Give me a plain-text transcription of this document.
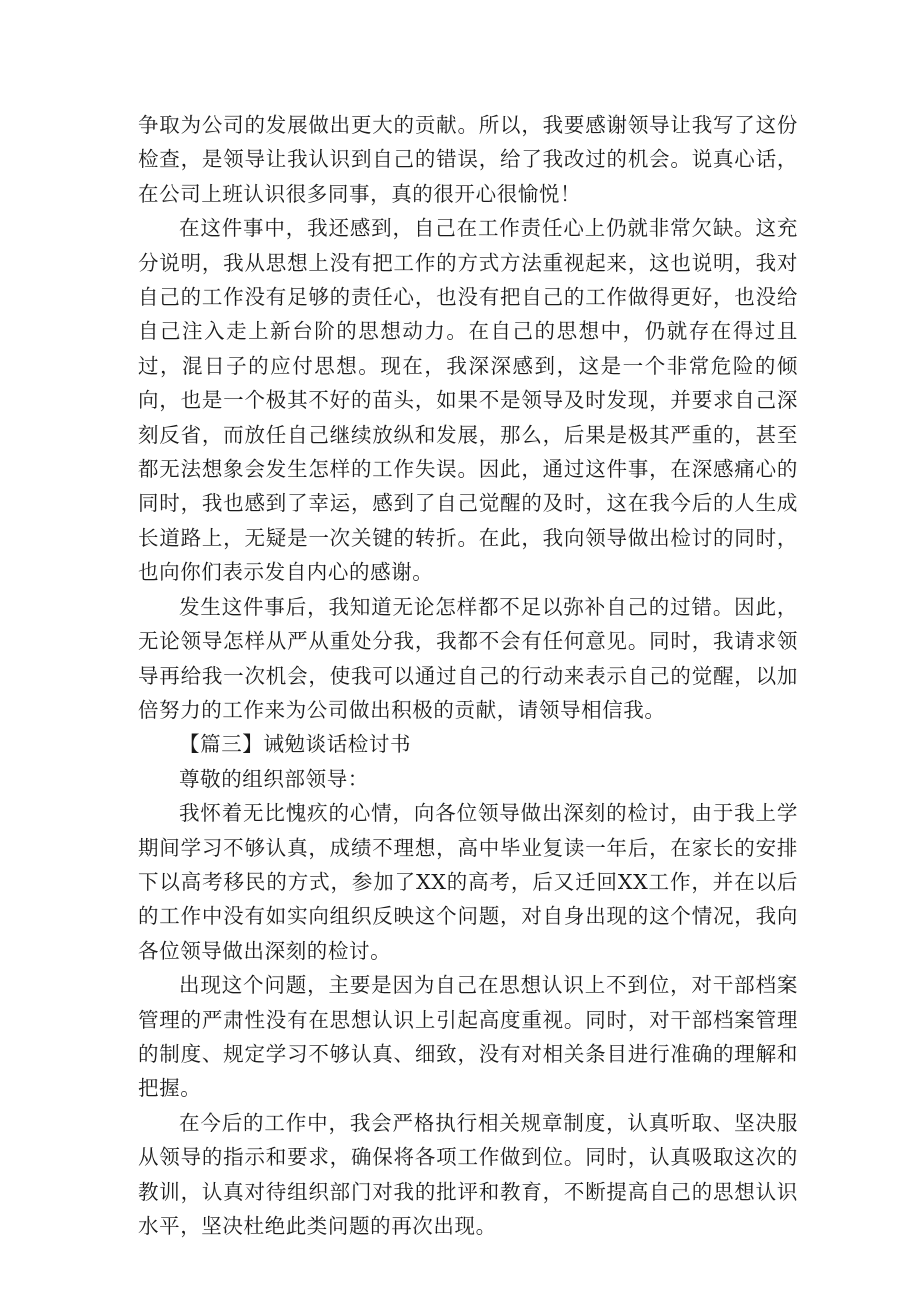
争取为公司的发展做出更大的贡献。所以，我要感谢领导让我写了这份检查，是领导让我认识到自己的错误，给了我改过的机会。说真心话，在公司上班认识很多同事，真的很开心很愉悦！

在这件事中，我还感到，自己在工作责任心上仍就非常欠缺。这充分说明，我从思想上没有把工作的方式方法重视起来，这也说明，我对自己的工作没有足够的责任心，也没有把自己的工作做得更好，也没给自己注入走上新台阶的思想动力。在自己的思想中，仍就存在得过且过，混日子的应付思想。现在，我深深感到，这是一个非常危险的倾向，也是一个极其不好的苗头，如果不是领导及时发现，并要求自己深刻反省，而放任自己继续放纵和发展，那么，后果是极其严重的，甚至都无法想象会发生怎样的工作失误。因此，通过这件事，在深感痛心的同时，我也感到了幸运，感到了自己觉醒的及时，这在我今后的人生成长道路上，无疑是一次关键的转折。在此，我向领导做出检讨的同时，也向你们表示发自内心的感谢。

发生这件事后，我知道无论怎样都不足以弥补自己的过错。因此，无论领导怎样从严从重处分我，我都不会有任何意见。同时，我请求领导再给我一次机会，使我可以通过自己的行动来表示自己的觉醒，以加倍努力的工作来为公司做出积极的贡献，请领导相信我。

【篇三】诫勉谈话检讨书

尊敬的组织部领导：

我怀着无比愧疚的心情，向各位领导做出深刻的检讨，由于我上学期间学习不够认真，成绩不理想，高中毕业复读一年后，在家长的安排下以高考移民的方式，参加了XX的高考，后又迁回XX工作，并在以后的工作中没有如实向组织反映这个问题，对自身出现的这个情况，我向各位领导做出深刻的检讨。

出现这个问题，主要是因为自己在思想认识上不到位，对干部档案管理的严肃性没有在思想认识上引起高度重视。同时，对干部档案管理的制度、规定学习不够认真、细致，没有对相关条目进行准确的理解和把握。

在今后的工作中，我会严格执行相关规章制度，认真听取、坚决服从领导的指示和要求，确保将各项工作做到位。同时，认真吸取这次的教训，认真对待组织部门对我的批评和教育，不断提高自己的思想认识水平，坚决杜绝此类问题的再次出现。
